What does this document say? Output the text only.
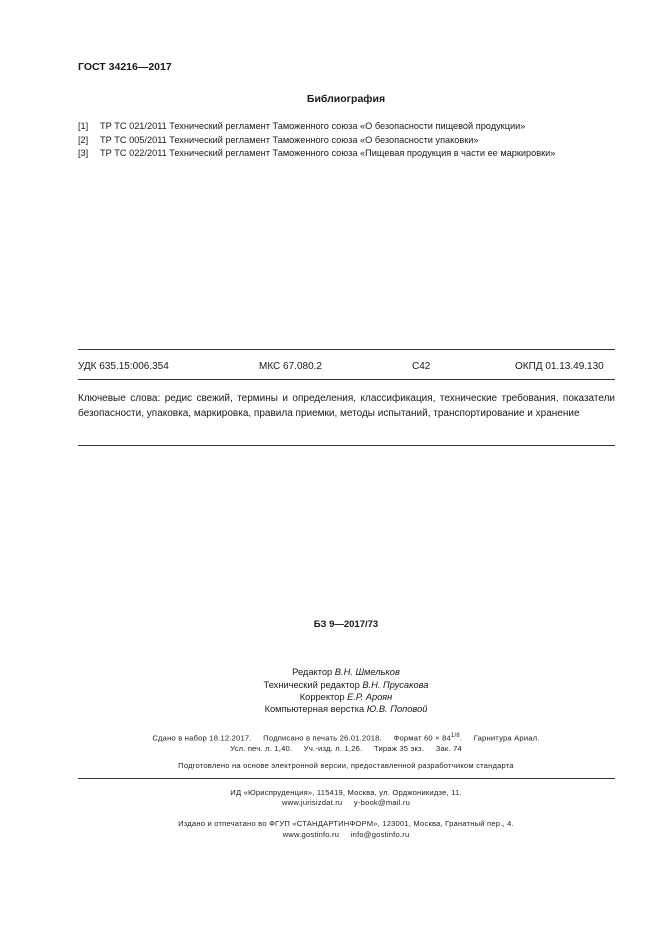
ГОСТ 34216—2017
Библиография
[1] ТР ТС 021/2011 Технический регламент Таможенного союза «О безопасности пищевой продукции»
[2] ТР ТС 005/2011 Технический регламент Таможенного союза «О безопасности упаковки»
[3] ТР ТС 022/2011 Технический регламент Таможенного союза «Пищевая продукция в части ее маркировки»
УДК 635.15:006.354	МКС 67.080.2	С42	ОКПД 01.13.49.130
Ключевые слова: редис свежий, термины и определения, классификация, технические требования, показатели безопасности, упаковка, маркировка, правила приемки, методы испытаний, транспортирование и хранение
БЗ 9—2017/73
Редактор В.Н. Шмельков
Технический редактор В.Н. Прусакова
Корректор Е.Р. Ароян
Компьютерная верстка Ю.В. Поповой
Сдано в набор 18.12.2017. Подписано в печать 26.01.2018. Формат $60 \times 84^{1/8}$.     Гарнитура Ариал.
Усл. печ. л. 1,40. Уч.-изд. л. 1,26. Тираж 35 экз. Зак. 74
Подготовлено на основе электронной версии, предоставленной разработчиком стандарта
ИД «Юриспруденция», 115419, Москва, ул. Орджоникидзе, 11.
www.jurisizdat.ru y-book@mail.ru
Издано и отпечатано во ФГУП «СТАНДАРТИНФОРМ», 123001, Москва, Гранатный пер., 4.
www.gostinfo.ru info@gostinfo.ru
